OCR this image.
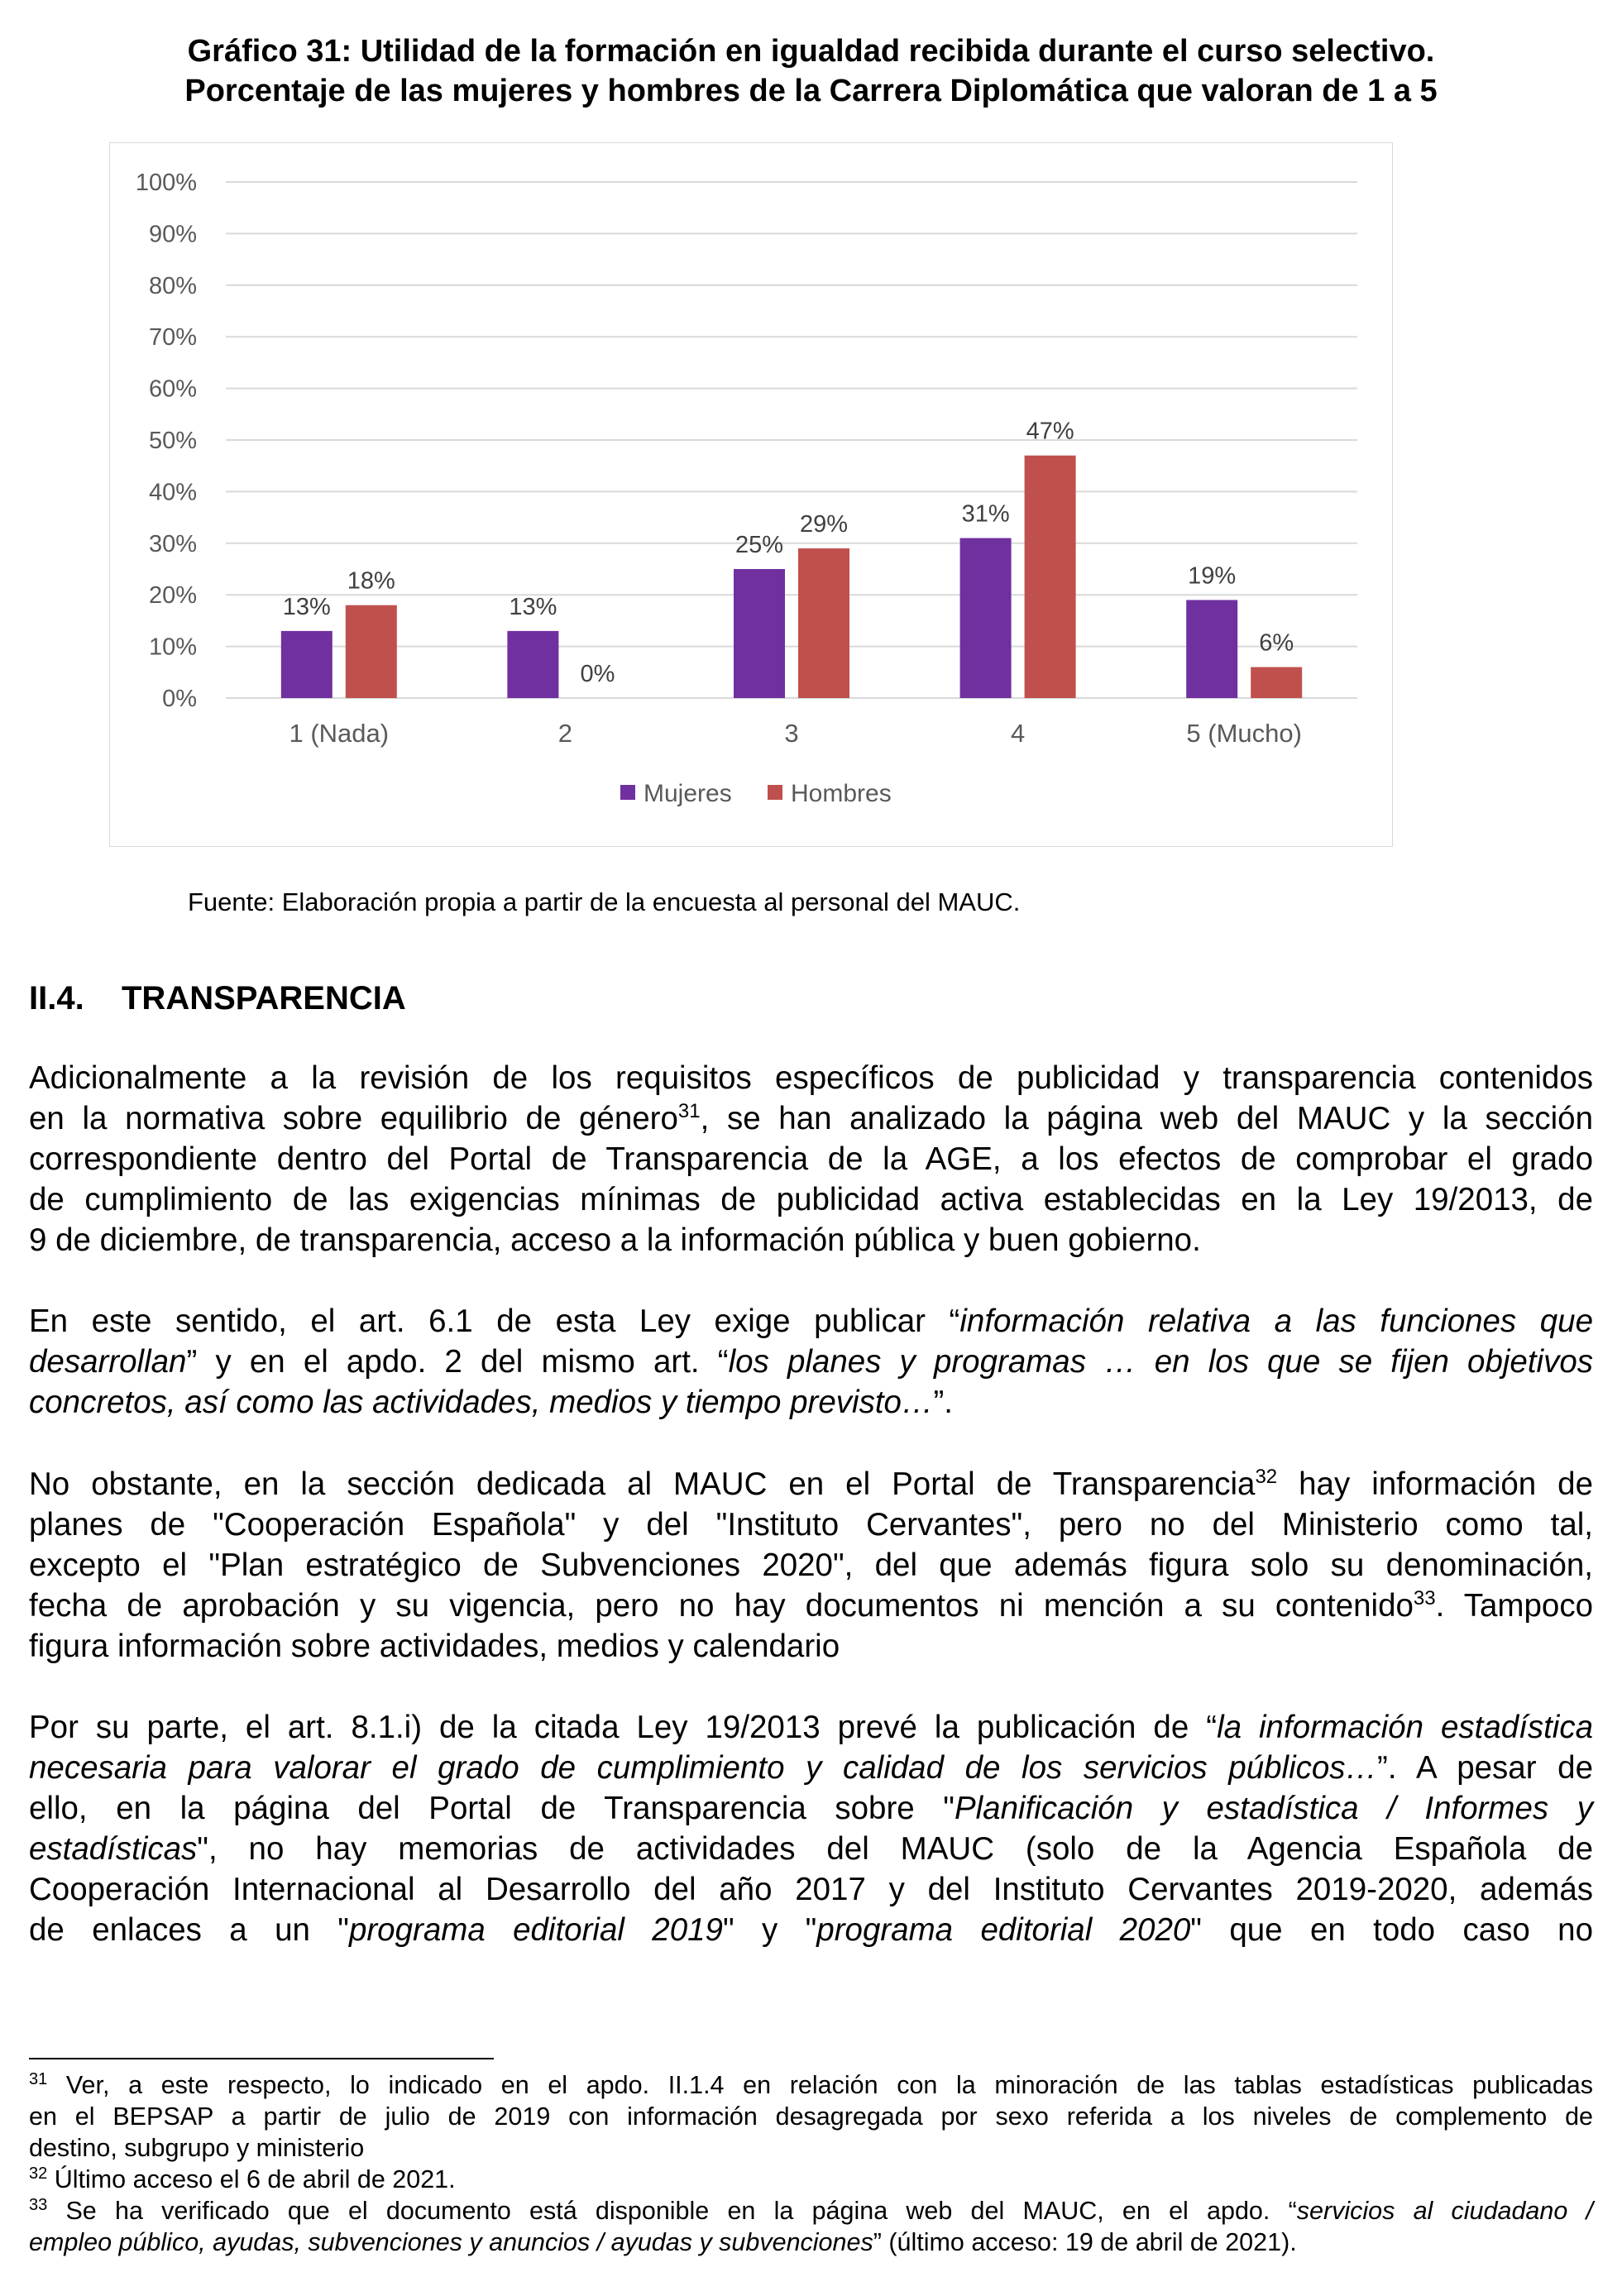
Gráfico 31: Utilidad de la formación en igualdad recibida durante el curso selectivo.
Porcentaje de las mujeres y hombres de la Carrera Diplomática que valoran de 1 a 5
0%
10%
20%
30%
40%
50%
60%
70%
80%
90%
100%
1 (Nada)
13%
18%
2
13%
0%
3
25%
29%
4
31%
47%
5 (Mucho)
19%
6%
Mujeres Hombres
Fuente: Elaboración propia a partir de la encuesta al personal del MAUC.
II.4. TRANSPARENCIA
Adicionalmente a la revisión de los requisitos específicos de publicidad y transparencia contenidos
en la normativa sobre equilibrio de género$^{31}$, se han analizado la página web del MAUC y la sección
correspondiente dentro del Portal de Transparencia de la AGE, a los efectos de comprobar el grado
de cumplimiento de las exigencias mínimas de publicidad activa establecidas en la Ley 19/2013, de
9 de diciembre, de transparencia, acceso a la información pública y buen gobierno.
En este sentido, el art. 6.1 de esta Ley exige publicar “información relativa a las funciones que
desarrollan” y en el apdo. 2 del mismo art. “los planes y programas … en los que se fijen objetivos
concretos, así como las actividades, medios y tiempo previsto…”.
No obstante, en la sección dedicada al MAUC en el Portal de Transparencia$^{32}$ hay información de
planes de "Cooperación Española" y del "Instituto Cervantes", pero no del Ministerio como tal,
excepto el "Plan estratégico de Subvenciones 2020", del que además figura solo su denominación,
fecha de aprobación y su vigencia, pero no hay documentos ni mención a su contenido$^{33}$. Tampoco
figura información sobre actividades, medios y calendario
Por su parte, el art. 8.1.i) de la citada Ley 19/2013 prevé la publicación de “la información estadística
necesaria para valorar el grado de cumplimiento y calidad de los servicios públicos…”. A pesar de
ello, en la página del Portal de Transparencia sobre "Planificación y estadística / Informes y
estadísticas", no hay memorias de actividades del MAUC (solo de la Agencia Española de
Cooperación Internacional al Desarrollo del año 2017 y del Instituto Cervantes 2019-2020, además
de enlaces a un "programa editorial 2019" y "programa editorial 2020" que en todo caso no
$^{31}$ Ver, a este respecto, lo indicado en el apdo. II.1.4 en relación con la minoración de las tablas estadísticas publicadas
en el BEPSAP a partir de julio de 2019 con información desagregada por sexo referida a los niveles de complemento de
destino, subgrupo y ministerio
$^{32}$ Último acceso el 6 de abril de 2021.
$^{33}$ Se ha verificado que el documento está disponible en la página web del MAUC, en el apdo. “servicios al ciudadano /
empleo público, ayudas, subvenciones y anuncios / ayudas y subvenciones” (último acceso: 19 de abril de 2021).
